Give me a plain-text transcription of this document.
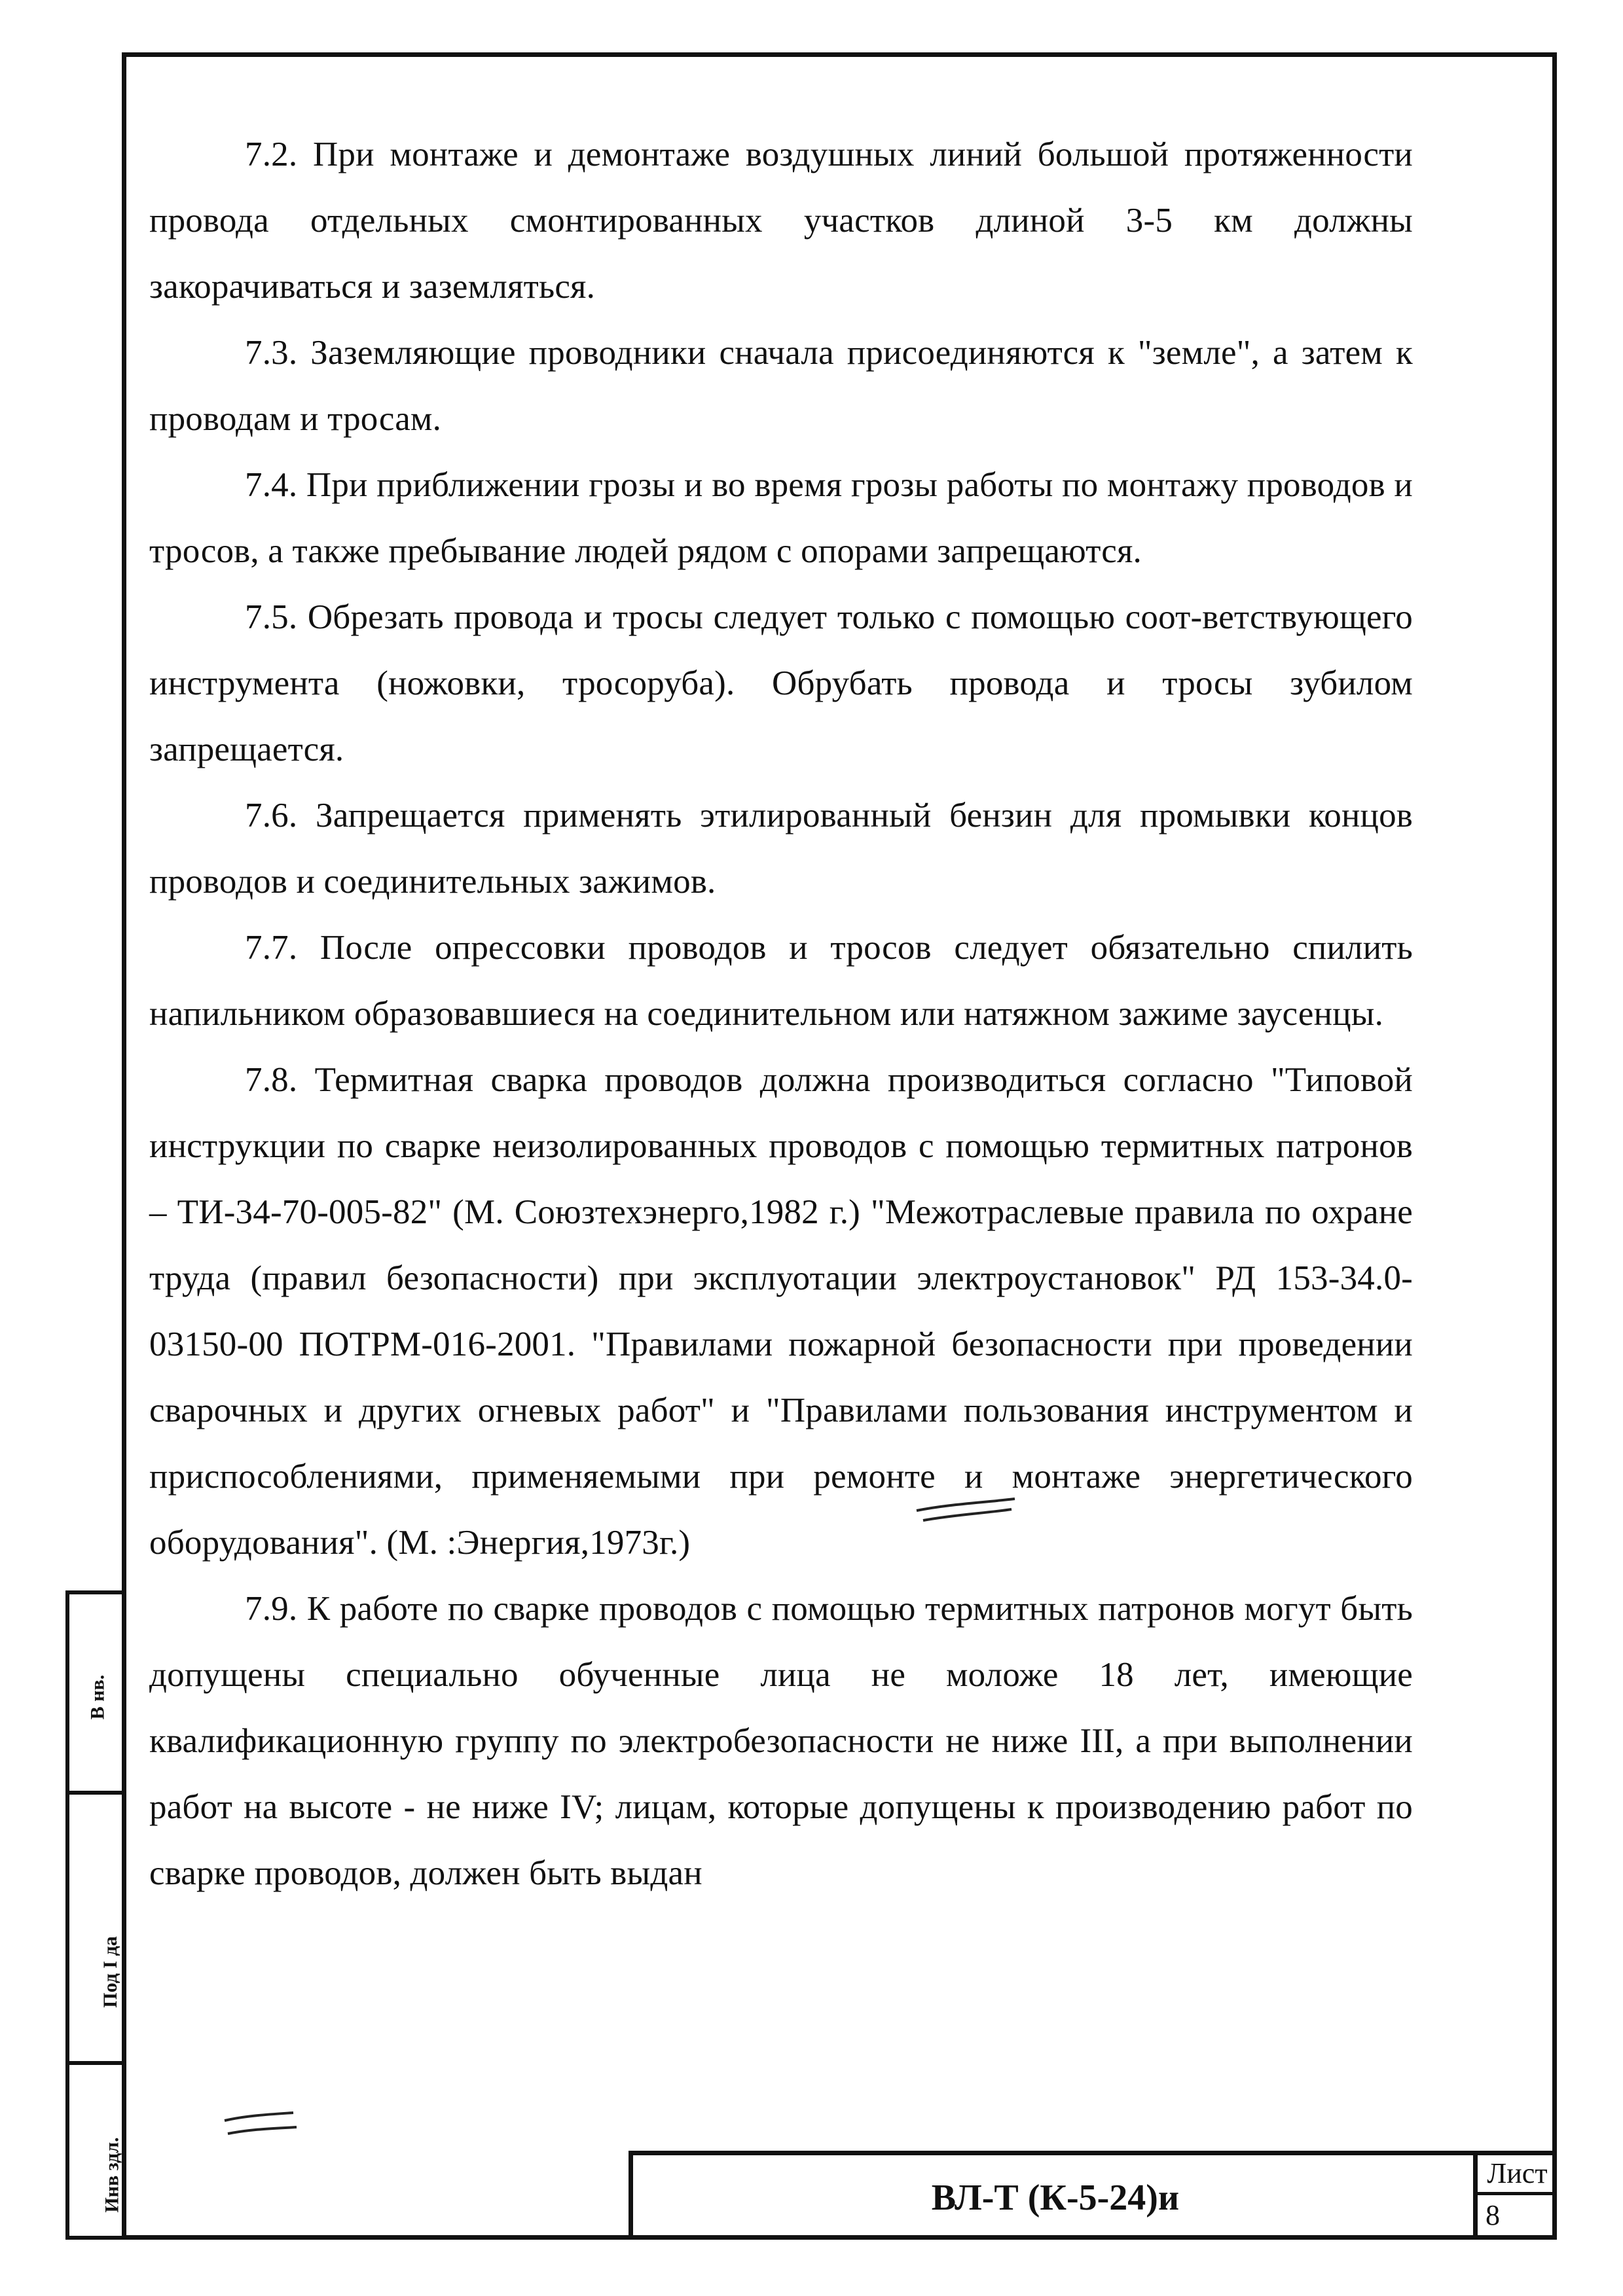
7.2. При монтаже и демонтаже воздушных линий большой протяженности провода отдельных смонтированных участков длиной 3-5 км должны закорачиваться и заземляться.

7.3. Заземляющие проводники сначала присоединяются к "земле", а затем к проводам и тросам.

7.4. При приближении грозы и во время грозы работы по монтажу проводов и тросов, а также пребывание людей рядом с опорами запрещаются.

7.5. Обрезать провода и тросы следует только с помощью соот-ветствующего инструмента (ножовки, тросоруба). Обрубать провода и тросы зубилом запрещается.

7.6. Запрещается применять этилированный бензин для промывки концов проводов и соединительных зажимов.

7.7. После опрессовки проводов и тросов следует обязательно спилить напильником образовавшиеся на соединительном или натяжном зажиме заусенцы.

7.8. Термитная сварка проводов должна производиться согласно "Типовой инструкции по сварке неизолированных проводов с помощью термитных патронов – ТИ-34-70-005-82" (М. Союзтехэнерго,1982 г.) "Межотраслевые правила по охране труда (правил безопасности) при эксплуотации электроустановок" РД 153-34.0-03150-00 ПОТРМ-016-2001. "Правилами пожарной безопасности при проведении сварочных и других огневых работ" и "Правилами пользования инструментом и приспособлениями, применяемыми при ремонте и монтаже энергетического оборудования". (М. :Энергия,1973г.)

7.9. К работе по сварке проводов с помощью термитных патронов могут быть допущены специально обученные лица не моложе 18 лет, имеющие квалификационную группу по электробезопасности не ниже III, а при выполнении работ на высоте - не ниже IV; лицам, которые допущены к производению работ по сварке проводов, должен быть выдан

ВЛ-Т (К-5-24)и
Лист
8
В нв.
Под I да
Инв здл.
